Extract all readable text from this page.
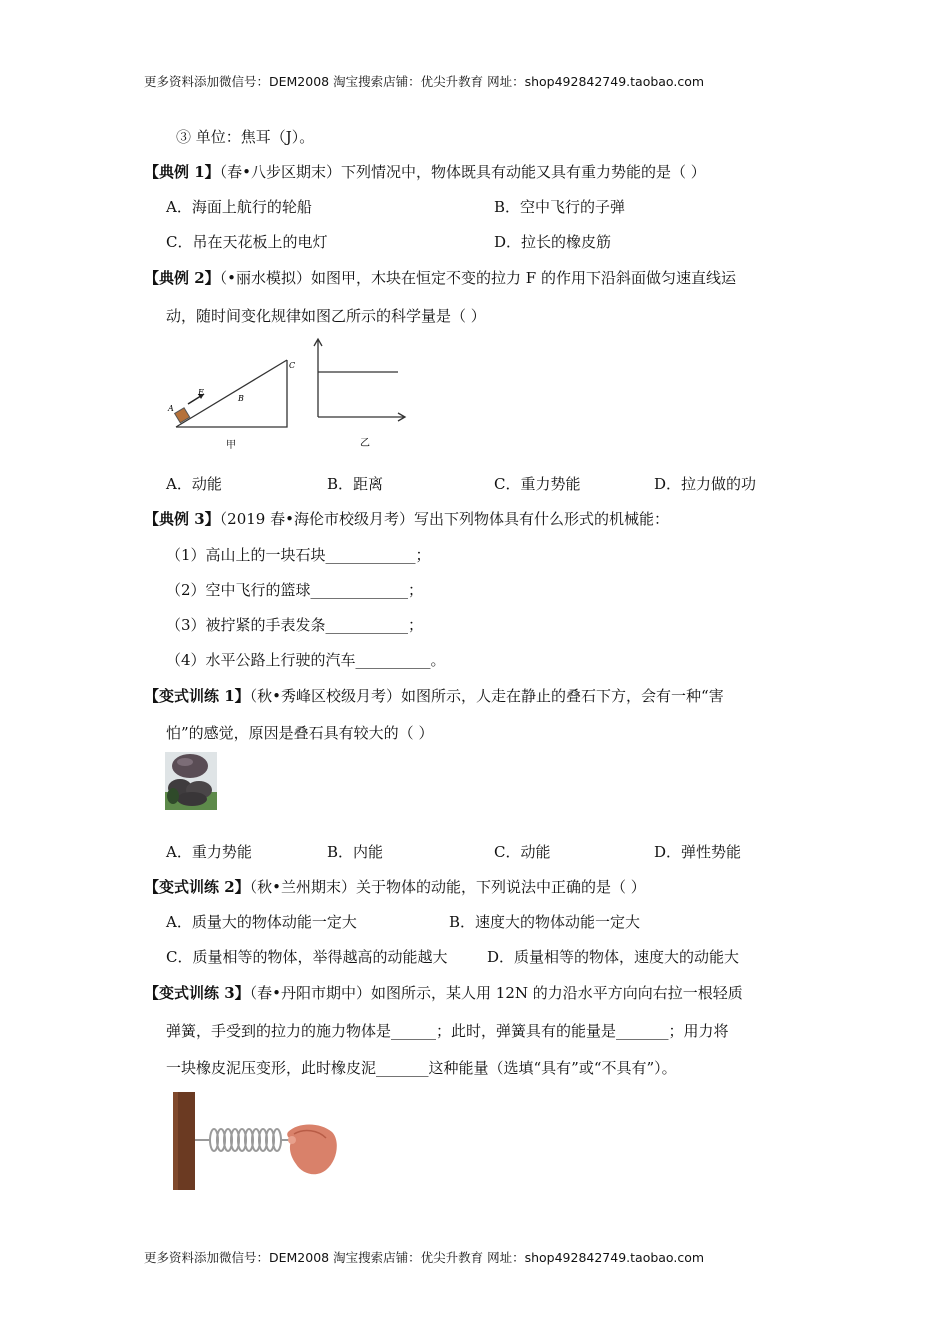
更多资料添加微信号：DEM2008 淘宝搜索店铺：优尖升教育 网址：shop492842749.taobao.com
③ 单位：焦耳（J）。
【典例 1】（春•八步区期末）下列情况中，物体既具有动能又具有重力势能的是（ ）
A．海面上航行的轮船	B．空中飞行的子弹
C．吊在天花板上的电灯	D．拉长的橡皮筋
【典例 2】（•丽水模拟）如图甲，木块在恒定不变的拉力 F 的作用下沿斜面做匀速直线运
动，随时间变化规律如图乙所示的科学量是（ ）
F
A
B
C
甲	乙
A．动能	B．距离	C．重力势能	D．拉力做的功
【典例 3】（2019 春•海伦市校级月考）写出下列物体具有什么形式的机械能：
（1）高山上的一块石块____________；
（2）空中飞行的篮球_____________；
（3）被拧紧的手表发条___________；
（4）水平公路上行驶的汽车__________。
【变式训练 1】（秋•秀峰区校级月考）如图所示，人走在静止的叠石下方，会有一种“害
怕”的感觉，原因是叠石具有较大的（ ）
A．重力势能	B．内能	C．动能	D．弹性势能
【变式训练 2】（秋•兰州期末）关于物体的动能，下列说法中正确的是（ ）
A．质量大的物体动能一定大	B．速度大的物体动能一定大
C．质量相等的物体，举得越高的动能越大	D．质量相等的物体，速度大的动能大
【变式训练 3】（春•丹阳市期中）如图所示，某人用 12N 的力沿水平方向向右拉一根轻质
弹簧，手受到的拉力的施力物体是______；此时，弹簧具有的能量是_______；用力将
一块橡皮泥压变形，此时橡皮泥_______这种能量（选填“具有”或“不具有”）。
更多资料添加微信号：DEM2008 淘宝搜索店铺：优尖升教育 网址：shop492842749.taobao.com
